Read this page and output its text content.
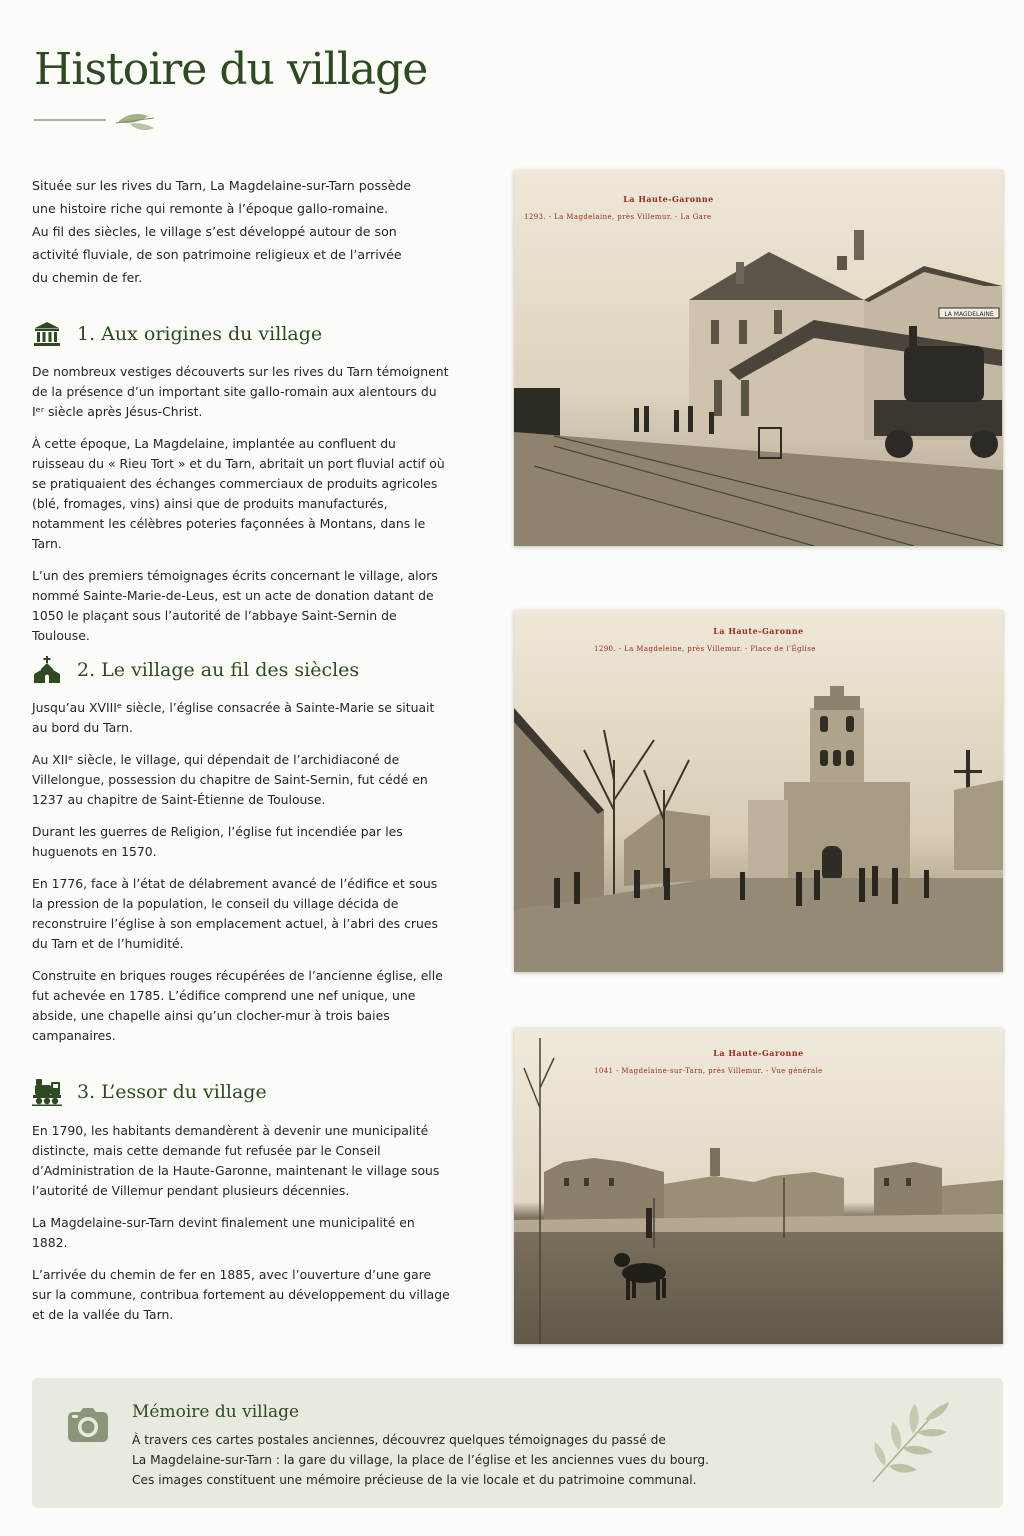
Histoire du village
Située sur les rives du Tarn, La Magdelaine-sur-Tarn possède
une histoire riche qui remonte à l’époque gallo-romaine.
Au fil des siècles, le village s’est développé autour de son
activité fluviale, de son patrimoine religieux et de l’arrivée
du chemin de fer.
1. Aux origines du village

De nombreux vestiges découverts sur les rives du Tarn témoignent de la présence d’un important site gallo-romain aux alentours du Iᵉʳ siècle après Jésus-Christ.

À cette époque, La Magdelaine, implantée au confluent du ruisseau du « Rieu Tort » et du Tarn, abritait un port fluvial actif où se pratiquaient des échanges commerciaux de produits agricoles (blé, fromages, vins) ainsi que de produits manufacturés, notamment les célèbres poteries façonnées à Montans, dans le Tarn.

L’un des premiers témoignages écrits concernant le village, alors nommé Sainte-Marie-de-Leus, est un acte de donation datant de 1050 le plaçant sous l’autorité de l’abbaye Saint-Sernin de Toulouse.

2. Le village au fil des siècles

Jusqu’au XVIIIᵉ siècle, l’église consacrée à Sainte-Marie se situait au bord du Tarn.

Au XIIᵉ siècle, le village, qui dépendait de l’archidiaconé de Villelongue, possession du chapitre de Saint-Sernin, fut cédé en 1237 au chapitre de Saint-Étienne de Toulouse.

Durant les guerres de Religion, l’église fut incendiée par les huguenots en 1570.

En 1776, face à l’état de délabrement avancé de l’édifice et sous la pression de la population, le conseil du village décida de reconstruire l’église à son emplacement actuel, à l’abri des crues du Tarn et de l’humidité.

Construite en briques rouges récupérées de l’ancienne église, elle fut achevée en 1785. L’édifice comprend une nef unique, une abside, une chapelle ainsi qu’un clocher-mur à trois baies campanaires.

3. L’essor du village

En 1790, les habitants demandèrent à devenir une municipalité distincte, mais cette demande fut refusée par le Conseil d’Administration de la Haute-Garonne, maintenant le village sous l’autorité de Villemur pendant plusieurs décennies.

La Magdelaine-sur-Tarn devint finalement une municipalité en 1882.

L’arrivée du chemin de fer en 1885, avec l’ouverture d’une gare sur la commune, contribua fortement au développement du village et de la vallée du Tarn.

LA MAGDELAINE
La Haute-Garonne
1293. - La Magdelaine, près Villemur. - La Gare
La Haute-Garonne
1290. - La Magdeleine, près Villemur. - Place de l’Église
La Haute-Garonne
1041 - Magdelaine-sur-Tarn, près Villemur. - Vue générale
Mémoire du village
À travers ces cartes postales anciennes, découvrez quelques témoignages du passé de
La Magdelaine-sur-Tarn : la gare du village, la place de l’église et les anciennes vues du bourg.
Ces images constituent une mémoire précieuse de la vie locale et du patrimoine communal.
